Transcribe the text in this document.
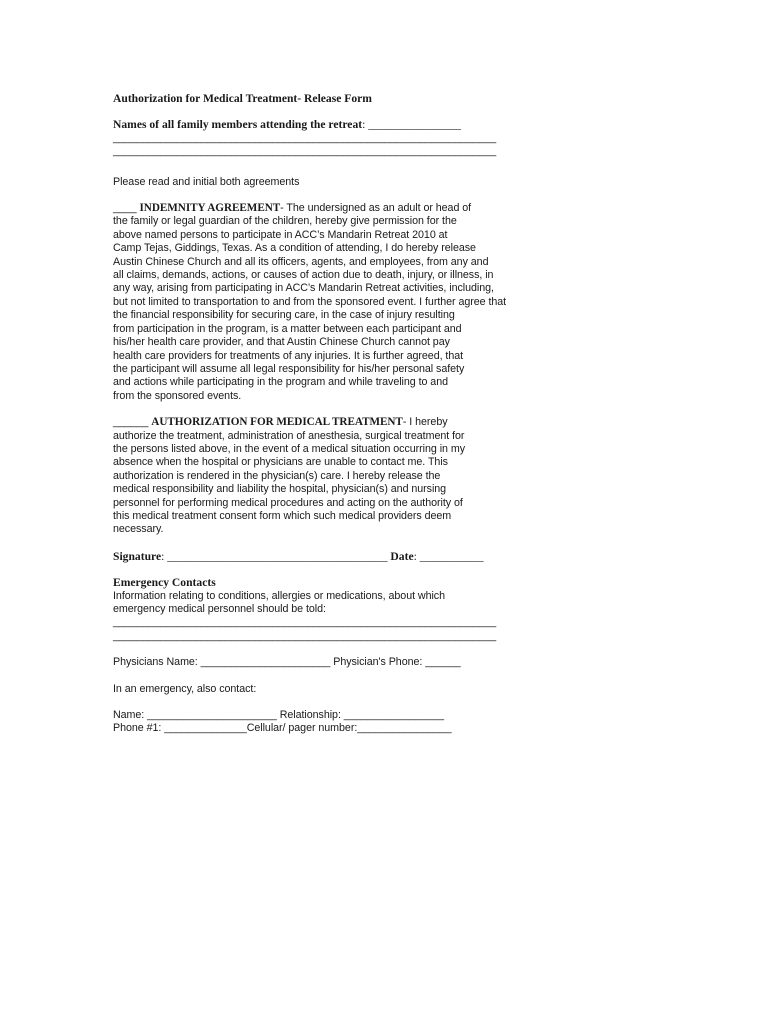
Authorization for Medical Treatment- Release Form
Names of all family members attending the retreat: ________________
_________________________________________________________________
_________________________________________________________________
Please read and initial both agreements
____ INDEMNITY AGREEMENT- The undersigned as an adult or head of
the family or legal guardian of the children, hereby give permission for the
above named persons to participate in ACC’s Mandarin Retreat 2010 at
Camp Tejas, Giddings, Texas. As a condition of attending, I do hereby release
Austin Chinese Church and all its officers, agents, and employees, from any and
all claims, demands, actions, or causes of action due to death, injury, or illness, in
any way, arising from participating in ACC’s Mandarin Retreat activities, including,
but not limited to transportation to and from the sponsored event. I further agree that
the financial responsibility for securing care, in the case of injury resulting
from participation in the program, is a matter between each participant and
his/her health care provider, and that Austin Chinese Church cannot pay
health care providers for treatments of any injuries. It is further agreed, that
the participant will assume all legal responsibility for his/her personal safety
and actions while participating in the program and while traveling to and
from the sponsored events.
______ AUTHORIZATION FOR MEDICAL TREATMENT- I hereby
authorize the treatment, administration of anesthesia, surgical treatment for
the persons listed above, in the event of a medical situation occurring in my
absence when the hospital or physicians are unable to contact me. This
authorization is rendered in the physician(s) care. I hereby release the
medical responsibility and liability the hospital, physician(s) and nursing
personnel for performing medical procedures and acting on the authority of
this medical treatment consent form which such medical providers deem
necessary.
Signature: ______________________________________ Date: ___________
Emergency Contacts
Information relating to conditions, allergies or medications, about which
emergency medical personnel should be told:
_________________________________________________________________
_________________________________________________________________
Physicians Name: ______________________ Physician's Phone: ______
In an emergency, also contact:
Name: ______________________ Relationship: _________________
Phone #1: ______________Cellular/ pager number:________________
